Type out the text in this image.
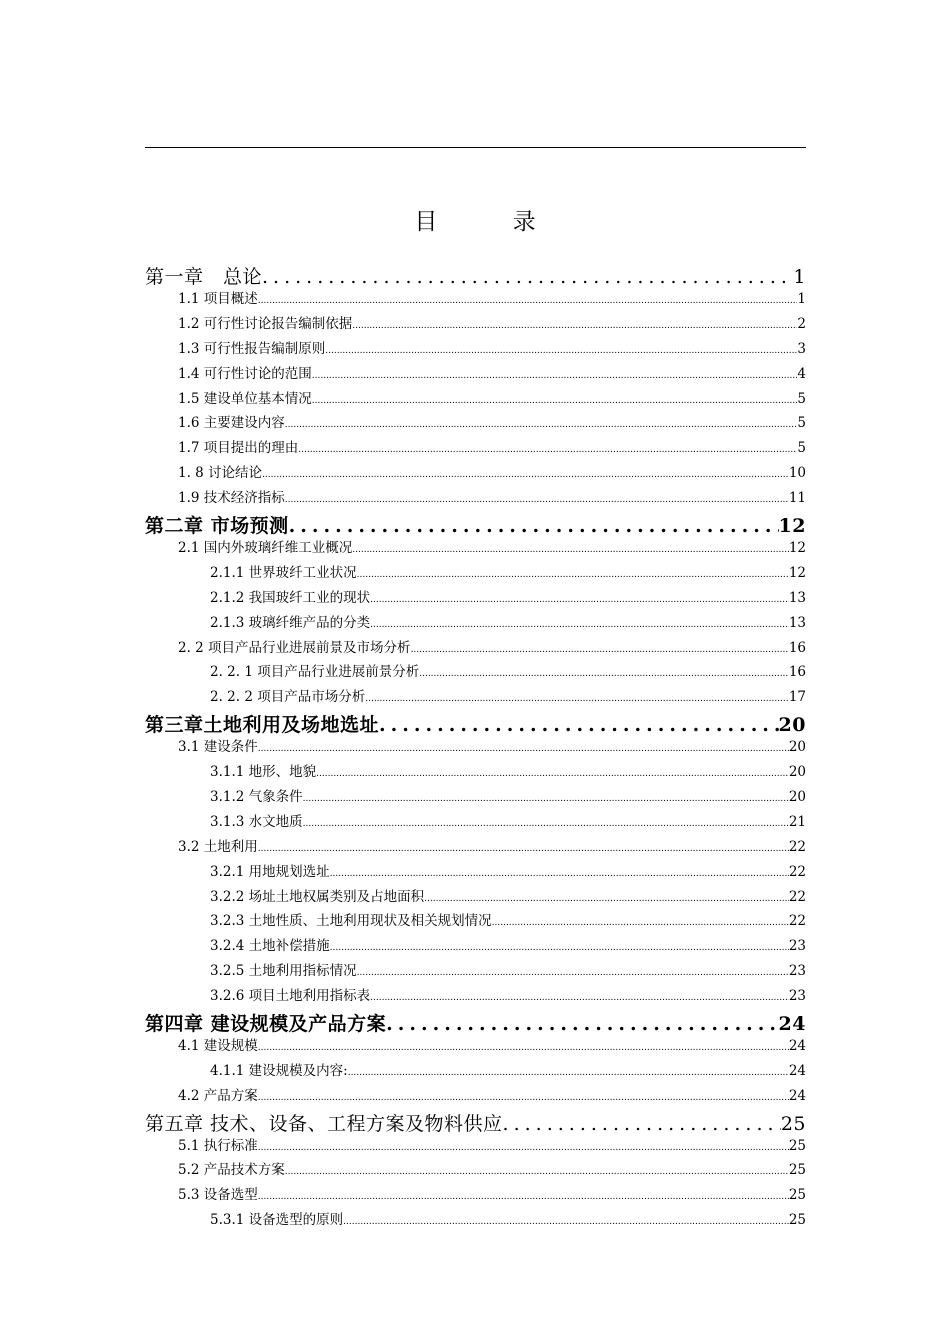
目 录
第一章　总论 .....	1
1.1 项目概述 .....	1
1.2 可行性讨论报告编制依据 .....	2
1.3 可行性报告编制原则 .....	3
1.4 可行性讨论的范围 .....	4
1.5 建设单位基本情况 .....	5
1.6 主要建设内容 .....	5
1.7 项目提出的理由 .....	5
1. 8 讨论结论 .....	10
1.9 技术经济指标 .....	11
第二章 市场预测 .....	12
2.1 国内外玻璃纤维工业概况 .....	12
2.1.1 世界玻纤工业状况 .....	12
2.1.2 我国玻纤工业的现状 .....	13
2.1.3 玻璃纤维产品的分类 .....	13
2. 2 项目产品行业进展前景及市场分析 .....	16
2. 2. 1 项目产品行业进展前景分析 .....	16
2. 2. 2 项目产品市场分析 .....	17
第三章土地利用及场地选址 .....	20
3.1 建设条件 .....	20
3.1.1 地形、地貌 .....	20
3.1.2 气象条件 .....	20
3.1.3 水文地质 .....	21
3.2 土地利用 .....	22
3.2.1 用地规划选址 .....	22
3.2.2 场址土地权属类别及占地面积 .....	22
3.2.3 土地性质、土地利用现状及相关规划情况 .....	22
3.2.4 土地补偿措施 .....	23
3.2.5 土地利用指标情况 .....	23
3.2.6 项目土地利用指标表 .....	23
第四章 建设规模及产品方案 .....	24
4.1 建设规模 .....	24
4.1.1 建设规模及内容: .....	24
4.2 产品方案 .....	24
第五章 技术、设备、工程方案及物料供应 .....	25
5.1 执行标准 .....	25
5.2 产品技术方案 .....	25
5.3 设备选型 .....	25
5.3.1 设备选型的原则 .....	25
